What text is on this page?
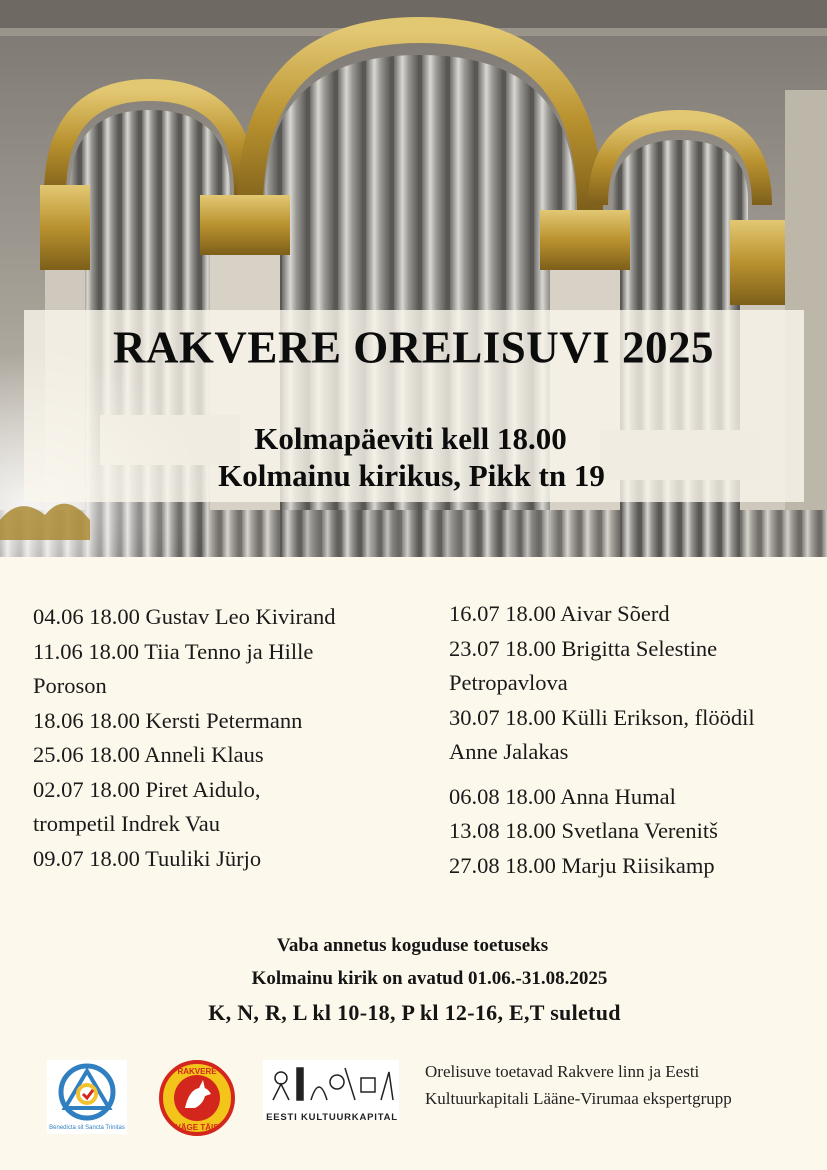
RAKVERE ORELISUVI 2025
Kolmapäeviti kell 18.00
Kolmainu kirikus, Pikk tn 19
04.06 18.00 Gustav Leo Kivirand
11.06 18.00 Tiia Tenno ja Hille
Poroson
18.06 18.00 Kersti Petermann
25.06 18.00 Anneli Klaus
02.07 18.00 Piret Aidulo,
trompetil Indrek Vau
09.07 18.00 Tuuliki Jürjo
16.07 18.00 Aivar Sõerd
23.07 18.00 Brigitta Selestine
Petropavlova
30.07 18.00 Külli Erikson, flöödil
Anne Jalakas
06.08 18.00 Anna Humal
13.08 18.00 Svetlana Verenitš
27.08 18.00 Marju Riisikamp
Vaba annetus koguduse toetuseks
Kolmainu kirik on avatud 01.06.-31.08.2025
K, N, R, L kl 10-18, P kl 12-16, E,T suletud
Benedicta sit Sancta Trinitas
RAKVERE
VÄGE TÄIS
EESTI KULTUURKAPITAL
Orelisuve toetavad Rakvere linn ja Eesti
Kultuurkapitali Lääne-Virumaa ekspertgrupp
